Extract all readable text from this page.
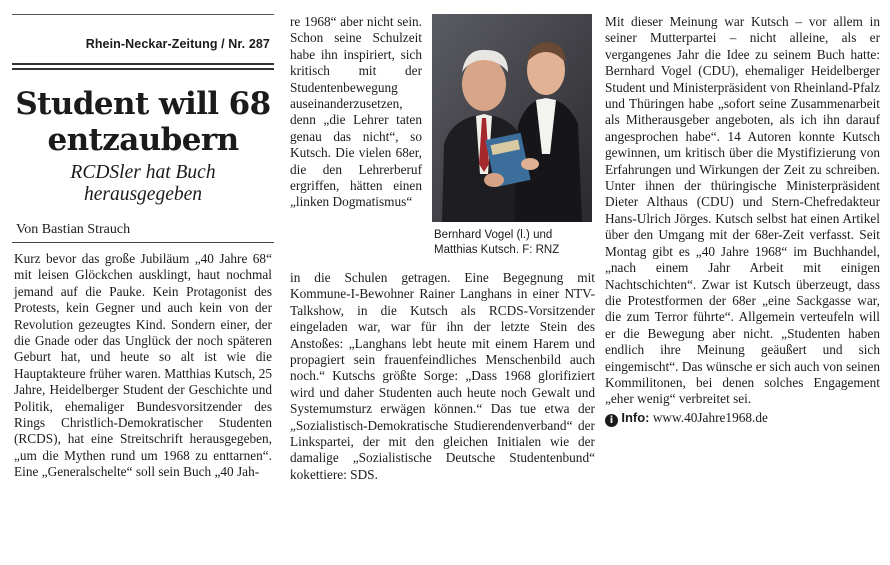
Rhein-Neckar-Zeitung / Nr. 287
Student will 68
entzaubern
RCDSler hat Buch herausgegeben
Von Bastian Strauch

Kurz bevor das große Jubiläum „40 Jahre 68“ mit leisen Glöckchen ausklingt, haut nochmal jemand auf die Pauke. Kein Protagonist des Protests, kein Gegner und auch kein von der Revolution gezeugtes Kind. Sondern einer, der die Gnade oder das Unglück der noch späteren Geburt hat, und heute so alt ist wie die Hauptakteure früher waren. Matthias Kutsch, 25 Jahre, Heidelberger Student der Geschichte und Politik, ehemaliger Bundesvorsitzender des Rings Christlich-Demokratischer Studenten (RCDS), hat eine Streitschrift herausgegeben, „um die Mythen rund um 1968 zu enttarnen“. Eine „Generalschelte“ soll sein Buch „40 Jah-

re 1968“ aber nicht sein. Schon seine Schulzeit habe ihn inspiriert, sich kritisch mit der Studentenbewegung auseinanderzusetzen, denn „die Lehrer taten genau das nicht“, so Kutsch. Die vielen 68er, die den Lehrerberuf ergriffen, hätten einen „linken Dogmatismus“

Bernhard Vogel (l.) und Matthias Kutsch. F: RNZ

in die Schulen getragen. Eine Begegnung mit Kommune-I-Bewohner Rainer Langhans in einer NTV-Talkshow, in die Kutsch als RCDS-Vorsitzender eingeladen war, war für ihn der letzte Stein des Anstoßes: „Langhans lebt heute mit einem Harem und propagiert sein frauenfeindliches Menschenbild auch noch.“ Kutschs größte Sorge: „Dass 1968 glorifiziert wird und daher Studenten auch heute noch Gewalt und Systemumsturz erwägen können.“ Das tue etwa der „Sozialistisch-Demokratische Studierendenverband“ der Linkspartei, der mit den gleichen Initialen wie der damalige „Sozialistische Deutsche Studentenbund“ kokettiere: SDS.

Mit dieser Meinung war Kutsch – vor allem in seiner Mutterpartei – nicht alleine, als er vergangenes Jahr die Idee zu seinem Buch hatte: Bernhard Vogel (CDU), ehemaliger Heidelberger Student und Ministerpräsident von Rheinland-Pfalz und Thüringen habe „sofort seine Zusammenarbeit als Mitherausgeber angeboten, als ich ihn darauf angesprochen habe“. 14 Autoren konnte Kutsch gewinnen, um kritisch über die Mystifizierung von Erfahrungen und Wirkungen der Zeit zu schreiben. Unter ihnen der thüringische Ministerpräsident Dieter Althaus (CDU) und Stern-Chefredakteur Hans-Ulrich Jörges. Kutsch selbst hat einen Artikel über den Umgang mit der 68er-Zeit verfasst. Seit Montag gibt es „40 Jahre 1968“ im Buchhandel, „nach einem Jahr Arbeit mit einigen Nachtschichten“. Zwar ist Kutsch überzeugt, dass die Protestformen der 68er „eine Sackgasse war, die zum Terror führte“. Allgemein verteufeln will er die Bewegung aber nicht. „Studenten haben endlich ihre Meinung geäußert und sich eingemischt“. Das wünsche er sich auch von seinen Kommilitonen, bei denen solches Engagement „eher wenig“ verbreitet sei.

i Info: www.40Jahre1968.de
